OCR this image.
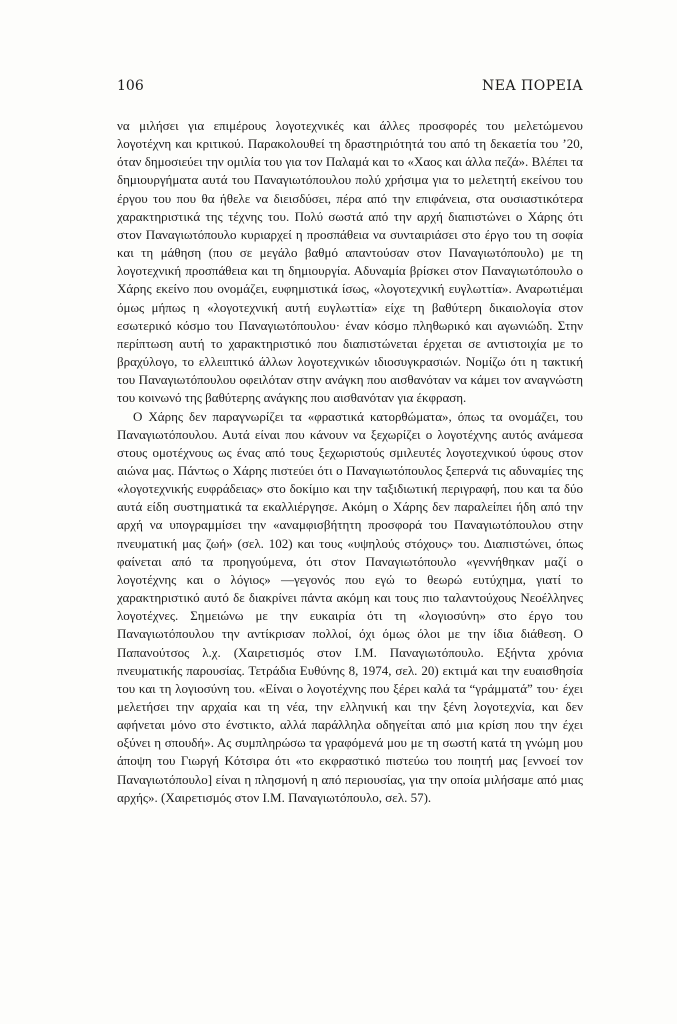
106	ΝΕΑ ΠΟΡΕΙΑ

να μιλήσει για επιμέρους λογοτεχνικές και άλλες προσφορές του μελετώμενου λογοτέχνη και κριτικού. Παρακολουθεί τη δραστηριότητά του από τη δεκαετία του ’20, όταν δημοσιεύει την ομιλία του για τον Παλαμά και το «Χαος και άλλα πεζά». Βλέπει τα δημιουργήματα αυτά του Παναγιωτόπουλου πολύ χρήσιμα για το μελετητή εκείνου του έργου του που θα ήθελε να διεισδύσει, πέρα από την επιφάνεια, στα ουσιαστικότερα χαρακτηριστικά της τέχνης του. Πολύ σωστά από την αρχή διαπιστώνει ο Χάρης ότι στον Παναγιωτόπουλο κυριαρχεί η προσπάθεια να συνταιριάσει στο έργο του τη σοφία και τη μάθηση (που σε μεγάλο βαθμό απαντούσαν στον Παναγιωτόπουλο) με τη λογοτεχνική προσπάθεια και τη δημιουργία. Αδυναμία βρίσκει στον Παναγιωτόπουλο ο Χάρης εκείνο που ονομάζει, ευφημιστικά ίσως, «λογοτεχνική ευγλωττία». Αναρωτιέμαι όμως μήπως η «λογοτεχνική αυτή ευγλωττία» είχε τη βαθύτερη δικαιολογία στον εσωτερικό κόσμο του Παναγιωτόπουλου· έναν κόσμο πληθωρικό και αγωνιώδη. Στην περίπτωση αυτή το χαρακτηριστικό που διαπιστώνεται έρχεται σε αντιστοιχία με το βραχύλογο, το ελλειπτικό άλλων λογοτεχνικών ιδιοσυγκρασιών. Νομίζω ότι η τακτική του Παναγιωτόπουλου οφειλόταν στην ανάγκη που αισθανόταν να κάμει τον αναγνώστη του κοινωνό της βαθύτερης ανάγκης που αισθανόταν για έκφραση.

Ο Χάρης δεν παραγνωρίζει τα «φραστικά κατορθώματα», όπως τα ονομάζει, του Παναγιωτόπουλου. Αυτά είναι που κάνουν να ξεχωρίζει ο λογοτέχνης αυτός ανάμεσα στους ομοτέχνους ως ένας από τους ξεχωριστούς σμιλευτές λογοτεχνικού ύφους στον αιώνα μας. Πάντως ο Χάρης πιστεύει ότι ο Παναγιωτόπουλος ξεπερνά τις αδυναμίες της «λογοτεχνικής ευφράδειας» στο δοκίμιο και την ταξιδιωτική περιγραφή, που και τα δύο αυτά είδη συστηματικά τα εκαλλιέργησε. Ακόμη ο Χάρης δεν παραλείπει ήδη από την αρχή να υπογραμμίσει την «αναμφισβήτητη προσφορά του Παναγιωτόπουλου στην πνευματική μας ζωή» (σελ. 102) και τους «υψηλούς στόχους» του. Διαπιστώνει, όπως φαίνεται από τα προηγούμενα, ότι στον Παναγιωτόπουλο «γεννήθηκαν μαζί ο λογοτέχνης και ο λόγιος» —γεγονός που εγώ το θεωρώ ευτύχημα, γιατί το χαρακτηριστικό αυτό δε διακρίνει πάντα ακόμη και τους πιο ταλαντούχους Νεοέλληνες λογοτέχνες. Σημειώνω με την ευκαιρία ότι τη «λογιοσύνη» στο έργο του Παναγιωτόπουλου την αντίκρισαν πολλοί, όχι όμως όλοι με την ίδια διάθεση. Ο Παπανούτσος λ.χ. (Χαιρετισμός στον Ι.Μ. Παναγιωτόπουλο. Εξήντα χρόνια πνευματικής παρουσίας. Τετράδια Ευθύνης 8, 1974, σελ. 20) εκτιμά και την ευαισθησία του και τη λογιοσύνη του. «Είναι ο λογοτέχνης που ξέρει καλά τα “γράμματά” του· έχει μελετήσει την αρχαία και τη νέα, την ελληνική και την ξένη λογοτεχνία, και δεν αφήνεται μόνο στο ένστικτο, αλλά παράλληλα οδηγείται από μια κρίση που την έχει οξύνει η σπουδή». Ας συμπληρώσω τα γραφόμενά μου με τη σωστή κατά τη γνώμη μου άποψη του Γιωργή Κότσιρα ότι «το εκφραστικό πιστεύω του ποιητή μας [εννοεί τον Παναγιωτόπουλο] είναι η πλησμονή η από περιουσίας, για την οποία μιλήσαμε από μιας αρχής». (Χαιρετισμός στον Ι.Μ. Παναγιωτόπουλο, σελ. 57).
